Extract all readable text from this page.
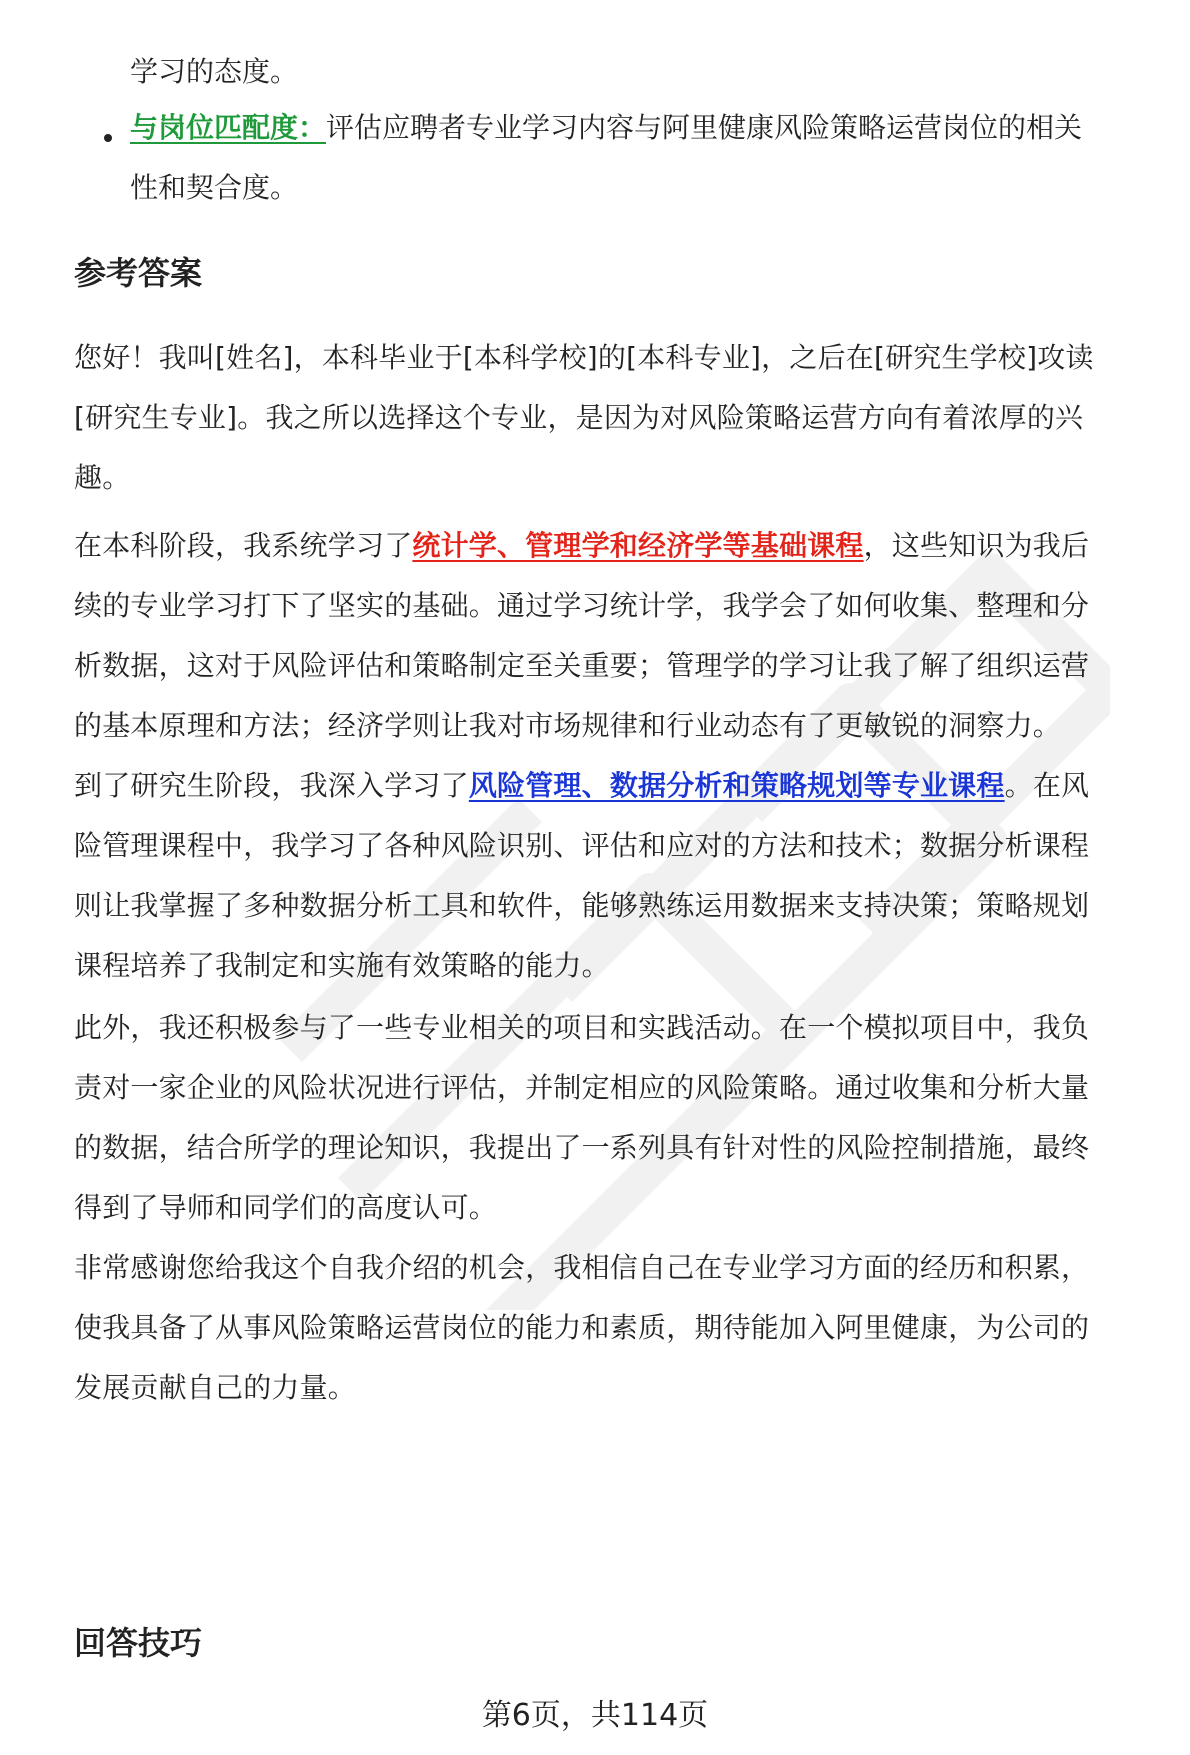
学习的态度。
与岗位匹配度：评估应聘者专业学习内容与阿里健康风险策略运营岗位的相关
性和契合度。
参考答案
您好！我叫[姓名]，本科毕业于[本科学校]的[本科专业]，之后在[研究生学校]攻读
[研究生专业]。我之所以选择这个专业，是因为对风险策略运营方向有着浓厚的兴
趣。
在本科阶段，我系统学习了统计学、管理学和经济学等基础课程，这些知识为我后
续的专业学习打下了坚实的基础。通过学习统计学，我学会了如何收集、整理和分
析数据，这对于风险评估和策略制定至关重要；管理学的学习让我了解了组织运营
的基本原理和方法；经济学则让我对市场规律和行业动态有了更敏锐的洞察力。
到了研究生阶段，我深入学习了风险管理、数据分析和策略规划等专业课程。在风
险管理课程中，我学习了各种风险识别、评估和应对的方法和技术；数据分析课程
则让我掌握了多种数据分析工具和软件，能够熟练运用数据来支持决策；策略规划
课程培养了我制定和实施有效策略的能力。
此外，我还积极参与了一些专业相关的项目和实践活动。在一个模拟项目中，我负
责对一家企业的风险状况进行评估，并制定相应的风险策略。通过收集和分析大量
的数据，结合所学的理论知识，我提出了一系列具有针对性的风险控制措施，最终
得到了导师和同学们的高度认可。
非常感谢您给我这个自我介绍的机会，我相信自己在专业学习方面的经历和积累，
使我具备了从事风险策略运营岗位的能力和素质，期待能加入阿里健康，为公司的
发展贡献自己的力量。
回答技巧
第6页，共114页
